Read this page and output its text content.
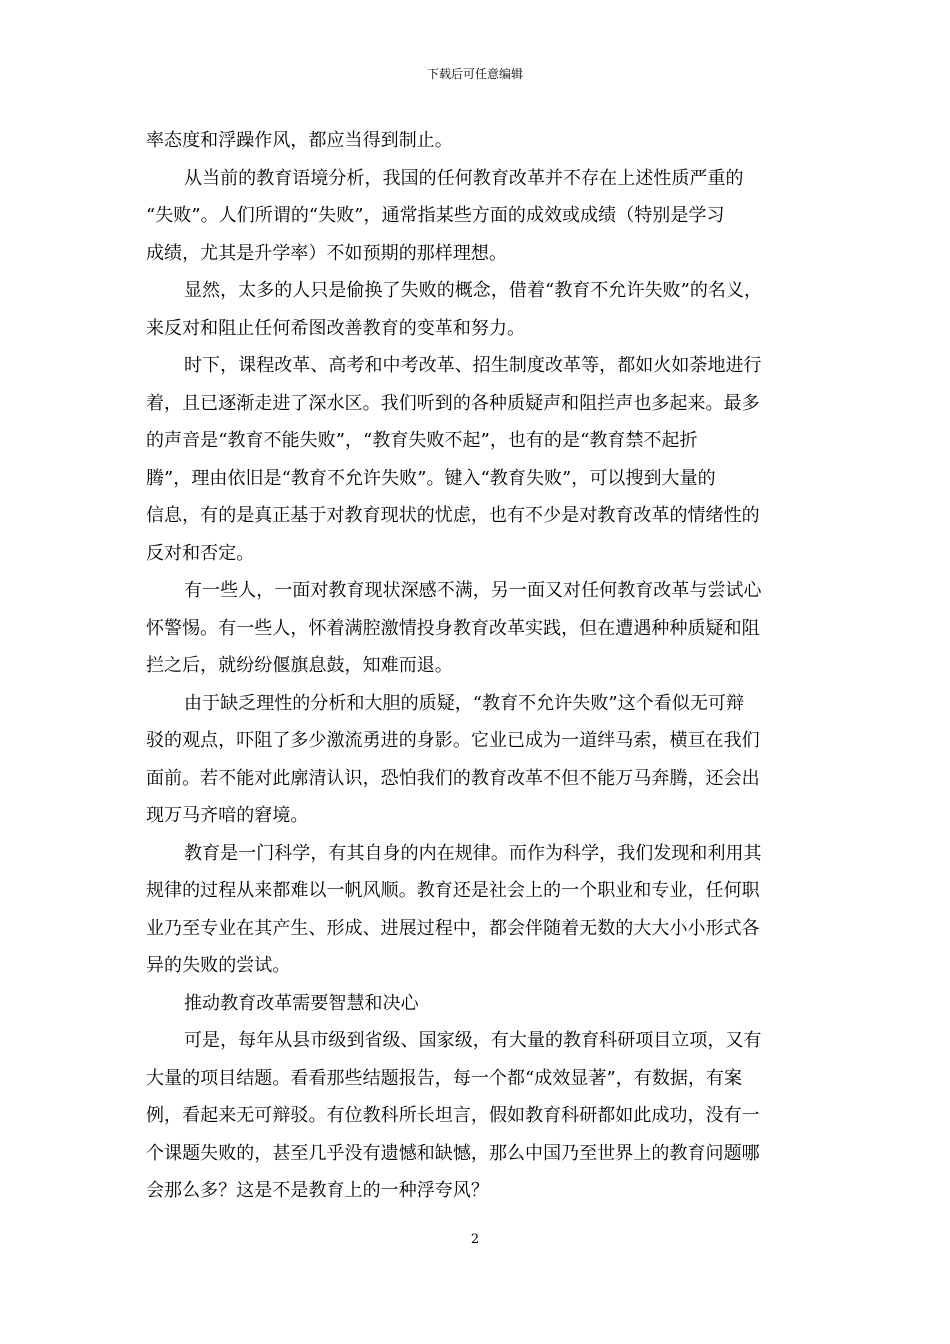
下载后可任意编辑
率态度和浮躁作风，都应当得到制止。
从当前的教育语境分析，我国的任何教育改革并不存在上述性质严重的
“失败”。人们所谓的“失败”，通常指某些方面的成效或成绩（特别是学习
成绩，尤其是升学率）不如预期的那样理想。
显然，太多的人只是偷换了失败的概念，借着“教育不允许失败”的名义，
来反对和阻止任何希图改善教育的变革和努力。
时下，课程改革、高考和中考改革、招生制度改革等，都如火如荼地进行
着，且已逐渐走进了深水区。我们听到的各种质疑声和阻拦声也多起来。最多
的声音是“教育不能失败”，“教育失败不起”，也有的是“教育禁不起折
腾”，理由依旧是“教育不允许失败”。键入“教育失败”，可以搜到大量的
信息，有的是真正基于对教育现状的忧虑，也有不少是对教育改革的情绪性的
反对和否定。
有一些人，一面对教育现状深感不满，另一面又对任何教育改革与尝试心
怀警惕。有一些人，怀着满腔激情投身教育改革实践，但在遭遇种种质疑和阻
拦之后，就纷纷偃旗息鼓，知难而退。
由于缺乏理性的分析和大胆的质疑，“教育不允许失败”这个看似无可辩
驳的观点，吓阻了多少激流勇进的身影。它业已成为一道绊马索，横亘在我们
面前。若不能对此廓清认识，恐怕我们的教育改革不但不能万马奔腾，还会出
现万马齐喑的窘境。
教育是一门科学，有其自身的内在规律。而作为科学，我们发现和利用其
规律的过程从来都难以一帆风顺。教育还是社会上的一个职业和专业，任何职
业乃至专业在其产生、形成、进展过程中，都会伴随着无数的大大小小形式各
异的失败的尝试。
推动教育改革需要智慧和决心
可是，每年从县市级到省级、国家级，有大量的教育科研项目立项，又有
大量的项目结题。看看那些结题报告，每一个都“成效显著”，有数据，有案
例，看起来无可辩驳。有位教科所长坦言，假如教育科研都如此成功，没有一
个课题失败的，甚至几乎没有遗憾和缺憾，那么中国乃至世界上的教育问题哪
会那么多？这是不是教育上的一种浮夸风？
2
